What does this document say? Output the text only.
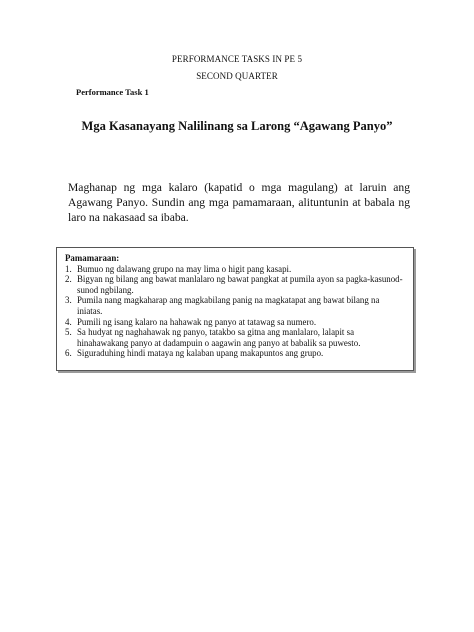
PERFORMANCE TASKS IN PE 5
SECOND QUARTER
Performance Task 1
Mga Kasanayang Nalilinang sa Larong “Agawang Panyo”
Maghanap ng mga kalaro (kapatid o mga magulang) at laruin ang Agawang Panyo. Sundin ang mga pamamaraan, alituntunin at babala ng laro na nakasaad sa ibaba.
Pamamaraan:
1. Bumuo ng dalawang grupo na may lima o higit pang kasapi.
2. Bigyan ng bilang ang bawat manlalaro ng bawat pangkat at pumila ayon sa pagka-kasunod- sunod ngbilang.
3. Pumila nang magkaharap ang magkabilang panig na magkatapat ang bawat bilang na iniatas.
4. Pumili ng isang kalaro na hahawak ng panyo at tatawag sa numero.
5. Sa hudyat ng naghahawak ng panyo, tatakbo sa gitna ang manlalaro, lalapit sa hinahawakang panyo at dadampuin o aagawin ang panyo at babalik sa puwesto.
6. Siguraduhing hindi mataya ng kalaban upang makapuntos ang grupo.
